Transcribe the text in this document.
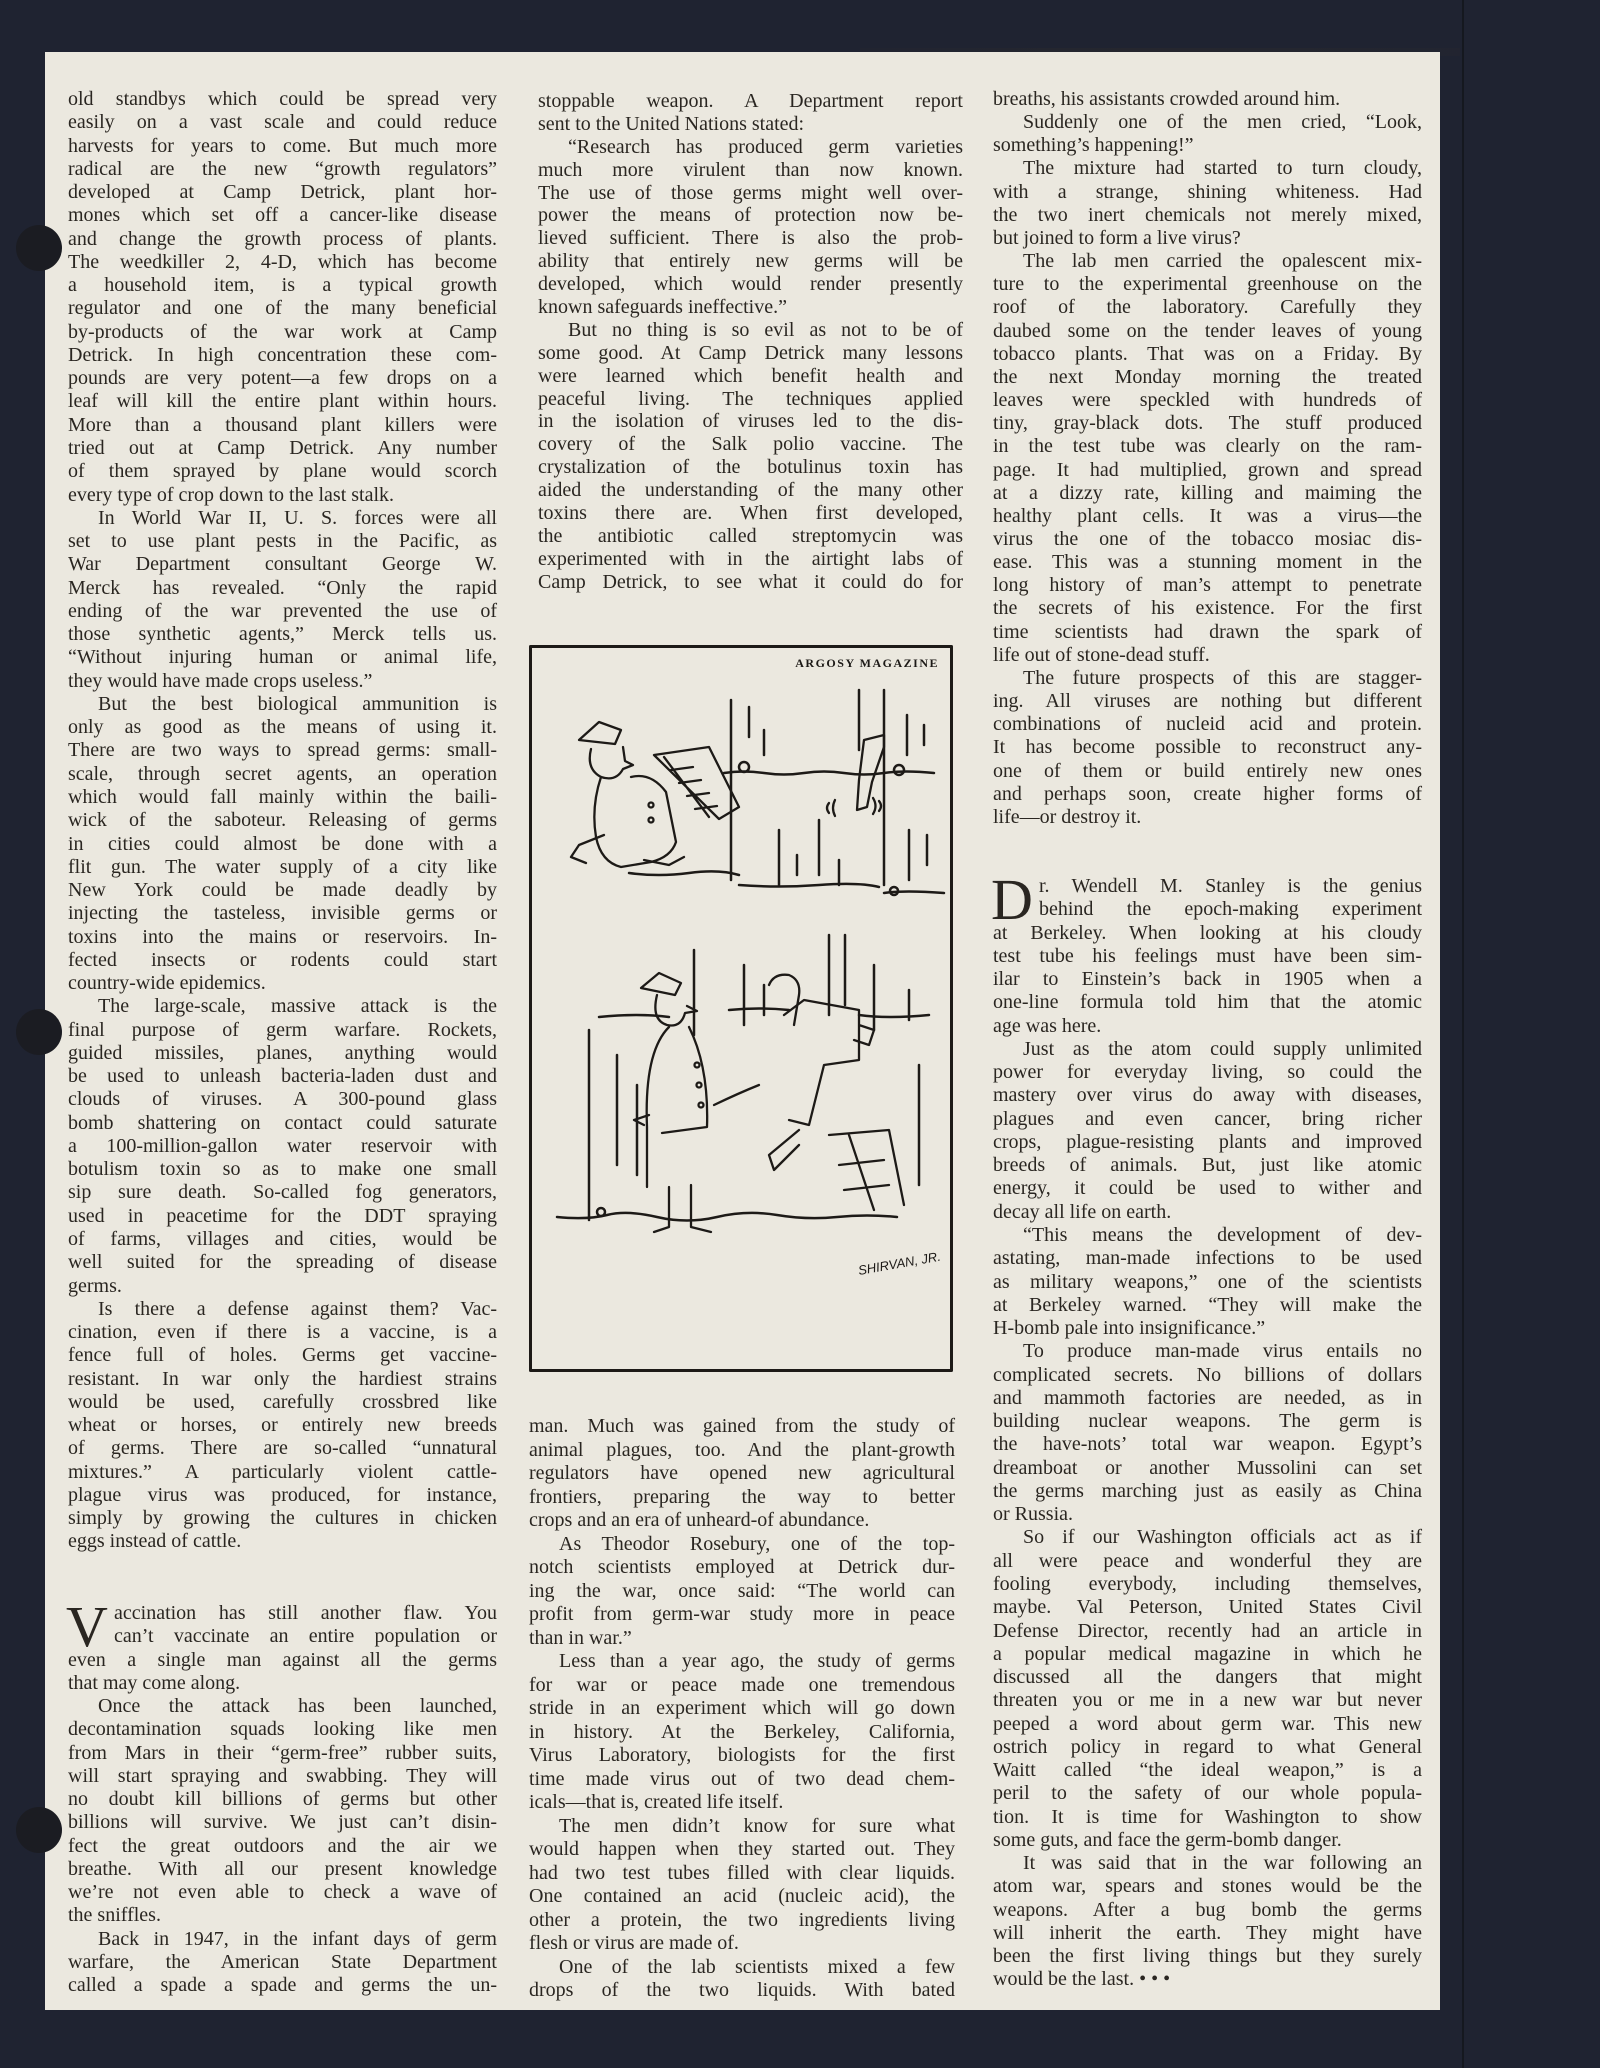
old standbys which could be spread very
easily on a vast scale and could reduce
harvests for years to come. But much more
radical are the new “growth regulators”
developed at Camp Detrick, plant hor-
mones which set off a cancer-like disease
and change the growth process of plants.
The weedkiller 2, 4-D, which has become
a household item, is a typical growth
regulator and one of the many beneficial
by-products of the war work at Camp
Detrick. In high concentration these com-
pounds are very potent—a few drops on a
leaf will kill the entire plant within hours.
More than a thousand plant killers were
tried out at Camp Detrick. Any number
of them sprayed by plane would scorch
every type of crop down to the last stalk.
In World War II, U. S. forces were all
set to use plant pests in the Pacific, as
War Department consultant George W.
Merck has revealed. “Only the rapid
ending of the war prevented the use of
those synthetic agents,” Merck tells us.
“Without injuring human or animal life,
they would have made crops useless.”
But the best biological ammunition is
only as good as the means of using it.
There are two ways to spread germs: small-
scale, through secret agents, an operation
which would fall mainly within the baili-
wick of the saboteur. Releasing of germs
in cities could almost be done with a
flit gun. The water supply of a city like
New York could be made deadly by
injecting the tasteless, invisible germs or
toxins into the mains or reservoirs. In-
fected insects or rodents could start
country-wide epidemics.
The large-scale, massive attack is the
final purpose of germ warfare. Rockets,
guided missiles, planes, anything would
be used to unleash bacteria-laden dust and
clouds of viruses. A 300-pound glass
bomb shattering on contact could saturate
a 100-million-gallon water reservoir with
botulism toxin so as to make one small
sip sure death. So-called fog generators,
used in peacetime for the DDT spraying
of farms, villages and cities, would be
well suited for the spreading of disease
germs.
Is there a defense against them? Vac-
cination, even if there is a vaccine, is a
fence full of holes. Germs get vaccine-
resistant. In war only the hardiest strains
would be used, carefully crossbred like
wheat or horses, or entirely new breeds
of germs. There are so-called “unnatural
mixtures.” A particularly violent cattle-
plague virus was produced, for instance,
simply by growing the cultures in chicken
eggs instead of cattle.
V accination has still another flaw. You
can’t vaccinate an entire population or
even a single man against all the germs
that may come along.
Once the attack has been launched,
decontamination squads looking like men
from Mars in their “germ-free” rubber suits,
will start spraying and swabbing. They will
no doubt kill billions of germs but other
billions will survive. We just can’t disin-
fect the great outdoors and the air we
breathe. With all our present knowledge
we’re not even able to check a wave of
the sniffles.
Back in 1947, in the infant days of germ
warfare, the American State Department
called a spade a spade and germs the un-
stoppable weapon. A Department report
sent to the United Nations stated:
“Research has produced germ varieties
much more virulent than now known.
The use of those germs might well over-
power the means of protection now be-
lieved sufficient. There is also the prob-
ability that entirely new germs will be
developed, which would render presently
known safeguards ineffective.”
But no thing is so evil as not to be of
some good. At Camp Detrick many lessons
were learned which benefit health and
peaceful living. The techniques applied
in the isolation of viruses led to the dis-
covery of the Salk polio vaccine. The
crystalization of the botulinus toxin has
aided the understanding of the many other
toxins there are. When first developed,
the antibiotic called streptomycin was
experimented with in the airtight labs of
Camp Detrick, to see what it could do for
man. Much was gained from the study of
animal plagues, too. And the plant-growth
regulators have opened new agricultural
frontiers, preparing the way to better
crops and an era of unheard-of abundance.
As Theodor Rosebury, one of the top-
notch scientists employed at Detrick dur-
ing the war, once said: “The world can
profit from germ-war study more in peace
than in war.”
Less than a year ago, the study of germs
for war or peace made one tremendous
stride in an experiment which will go down
in history. At the Berkeley, California,
Virus Laboratory, biologists for the first
time made virus out of two dead chem-
icals—that is, created life itself.
The men didn’t know for sure what
would happen when they started out. They
had two test tubes filled with clear liquids.
One contained an acid (nucleic acid), the
other a protein, the two ingredients living
flesh or virus are made of.
One of the lab scientists mixed a few
drops of the two liquids. With bated
breaths, his assistants crowded around him.
Suddenly one of the men cried, “Look,
something’s happening!”
The mixture had started to turn cloudy,
with a strange, shining whiteness. Had
the two inert chemicals not merely mixed,
but joined to form a live virus?
The lab men carried the opalescent mix-
ture to the experimental greenhouse on the
roof of the laboratory. Carefully they
daubed some on the tender leaves of young
tobacco plants. That was on a Friday. By
the next Monday morning the treated
leaves were speckled with hundreds of
tiny, gray-black dots. The stuff produced
in the test tube was clearly on the ram-
page. It had multiplied, grown and spread
at a dizzy rate, killing and maiming the
healthy plant cells. It was a virus—the
virus the one of the tobacco mosiac dis-
ease. This was a stunning moment in the
long history of man’s attempt to penetrate
the secrets of his existence. For the first
time scientists had drawn the spark of
life out of stone-dead stuff.
The future prospects of this are stagger-
ing. All viruses are nothing but different
combinations of nucleid acid and protein.
It has become possible to reconstruct any-
one of them or build entirely new ones
and perhaps soon, create higher forms of
life—or destroy it.
D r. Wendell M. Stanley is the genius
behind the epoch-making experiment
at Berkeley. When looking at his cloudy
test tube his feelings must have been sim-
ilar to Einstein’s back in 1905 when a
one-line formula told him that the atomic
age was here.
Just as the atom could supply unlimited
power for everyday living, so could the
mastery over virus do away with diseases,
plagues and even cancer, bring richer
crops, plague-resisting plants and improved
breeds of animals. But, just like atomic
energy, it could be used to wither and
decay all life on earth.
“This means the development of dev-
astating, man-made infections to be used
as military weapons,” one of the scientists
at Berkeley warned. “They will make the
H-bomb pale into insignificance.”
To produce man-made virus entails no
complicated secrets. No billions of dollars
and mammoth factories are needed, as in
building nuclear weapons. The germ is
the have-nots’ total war weapon. Egypt’s
dreamboat or another Mussolini can set
the germs marching just as easily as China
or Russia.
So if our Washington officials act as if
all were peace and wonderful they are
fooling everybody, including themselves,
maybe. Val Peterson, United States Civil
Defense Director, recently had an article in
a popular medical magazine in which he
discussed all the dangers that might
threaten you or me in a new war but never
peeped a word about germ war. This new
ostrich policy in regard to what General
Waitt called “the ideal weapon,” is a
peril to the safety of our whole popula-
tion. It is time for Washington to show
some guts, and face the germ-bomb danger.
It was said that in the war following an
atom war, spears and stones would be the
weapons. After a bug bomb the germs
will inherit the earth. They might have
been the first living things but they surely
would be the last. • • •
ARGOSY MAGAZINE
SHIRVAN, JR.
